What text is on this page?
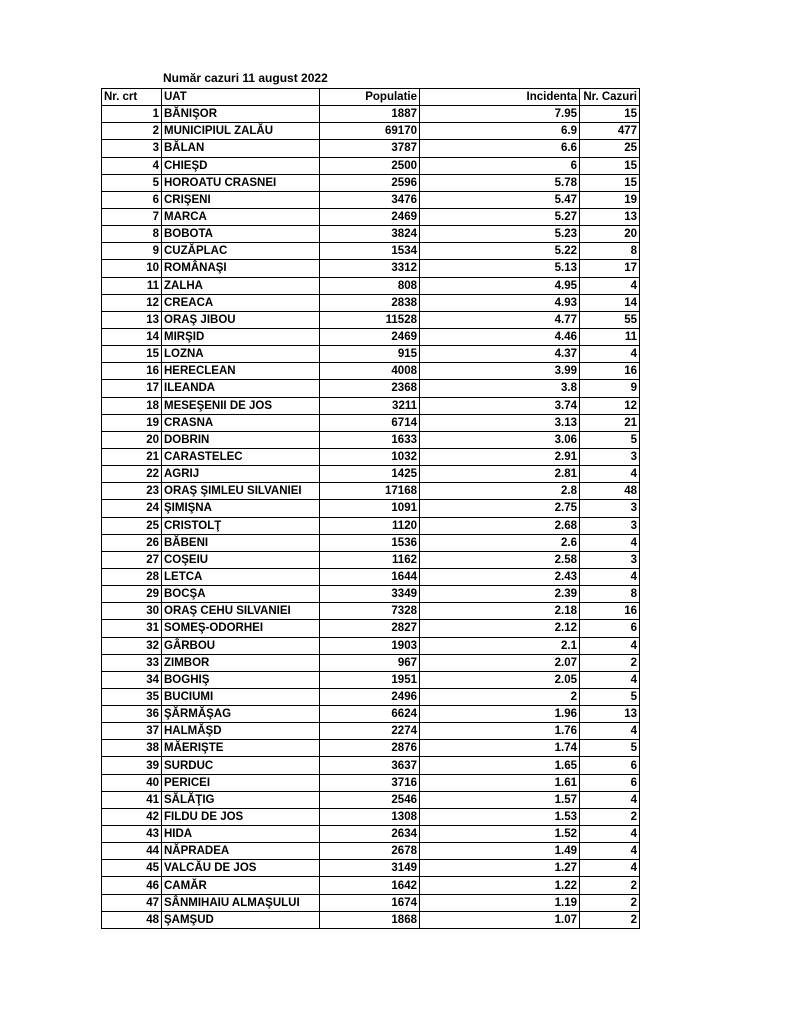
Număr cazuri 11 august 2022
Nr. crt	UAT	Populatie	Incidenta	Nr. Cazuri
1	BĂNIŞOR	1887	7.95	15
2	MUNICIPIUL ZALĂU	69170	6.9	477
3	BĂLAN	3787	6.6	25
4	CHIEŞD	2500	6	15
5	HOROATU CRASNEI	2596	5.78	15
6	CRIŞENI	3476	5.47	19
7	MARCA	2469	5.27	13
8	BOBOTA	3824	5.23	20
9	CUZĂPLAC	1534	5.22	8
10	ROMÂNAŞI	3312	5.13	17
11	ZALHA	808	4.95	4
12	CREACA	2838	4.93	14
13	ORAŞ JIBOU	11528	4.77	55
14	MIRŞID	2469	4.46	11
15	LOZNA	915	4.37	4
16	HERECLEAN	4008	3.99	16
17	ILEANDA	2368	3.8	9
18	MESEŞENII DE JOS	3211	3.74	12
19	CRASNA	6714	3.13	21
20	DOBRIN	1633	3.06	5
21	CARASTELEC	1032	2.91	3
22	AGRIJ	1425	2.81	4
23	ORAŞ ŞIMLEU SILVANIEI	17168	2.8	48
24	ŞIMIŞNA	1091	2.75	3
25	CRISTOLŢ	1120	2.68	3
26	BĂBENI	1536	2.6	4
27	COŞEIU	1162	2.58	3
28	LETCA	1644	2.43	4
29	BOCŞA	3349	2.39	8
30	ORAŞ CEHU SILVANIEI	7328	2.18	16
31	SOMEŞ-ODORHEI	2827	2.12	6
32	GÂRBOU	1903	2.1	4
33	ZIMBOR	967	2.07	2
34	BOGHIŞ	1951	2.05	4
35	BUCIUMI	2496	2	5
36	ŞĂRMĂŞAG	6624	1.96	13
37	HALMĂŞD	2274	1.76	4
38	MĂERIŞTE	2876	1.74	5
39	SURDUC	3637	1.65	6
40	PERICEI	3716	1.61	6
41	SĂLĂŢIG	2546	1.57	4
42	FILDU DE JOS	1308	1.53	2
43	HIDA	2634	1.52	4
44	NĂPRADEA	2678	1.49	4
45	VALCĂU DE JOS	3149	1.27	4
46	CAMĂR	1642	1.22	2
47	SÂNMIHAIU ALMAŞULUI	1674	1.19	2
48	ŞAMŞUD	1868	1.07	2
